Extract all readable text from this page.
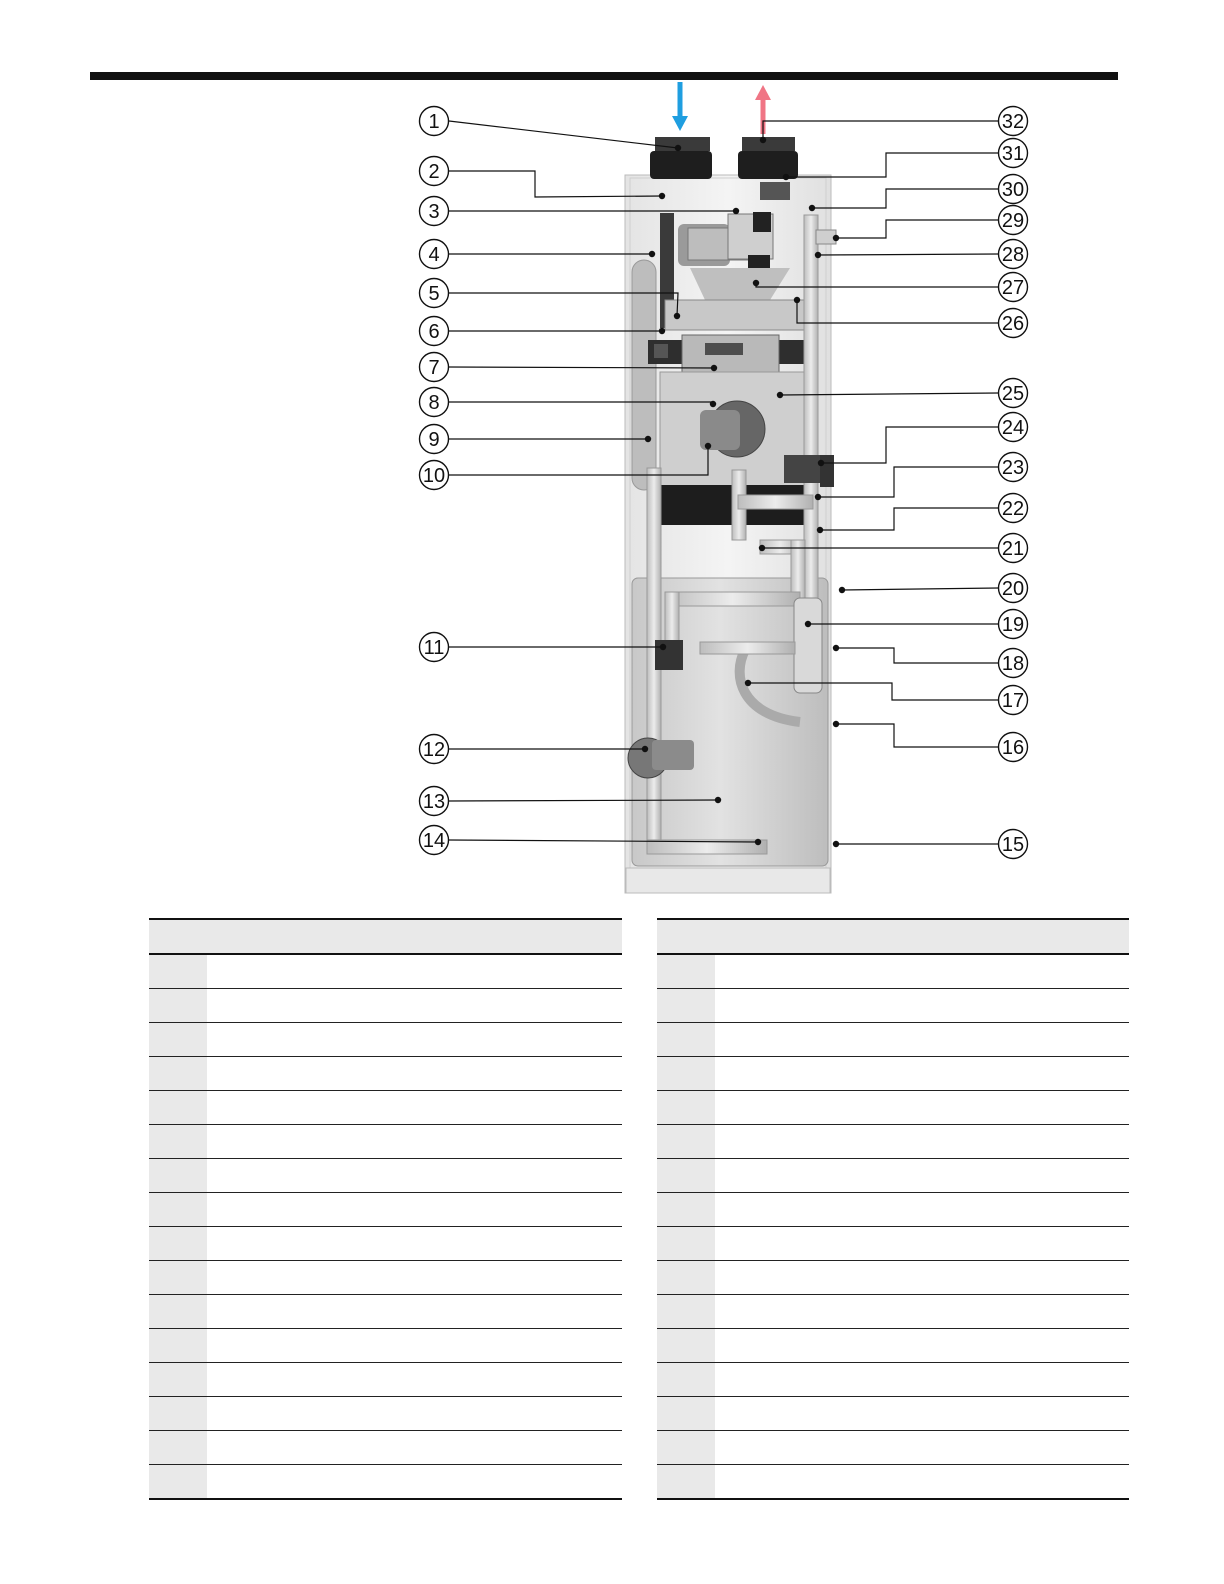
1
2
3
4
5
6
7
8
9
10
11
12
13
14
32
31
30
29
28
27
26
25
24
23
22
21
20
19
18
17
16
15
